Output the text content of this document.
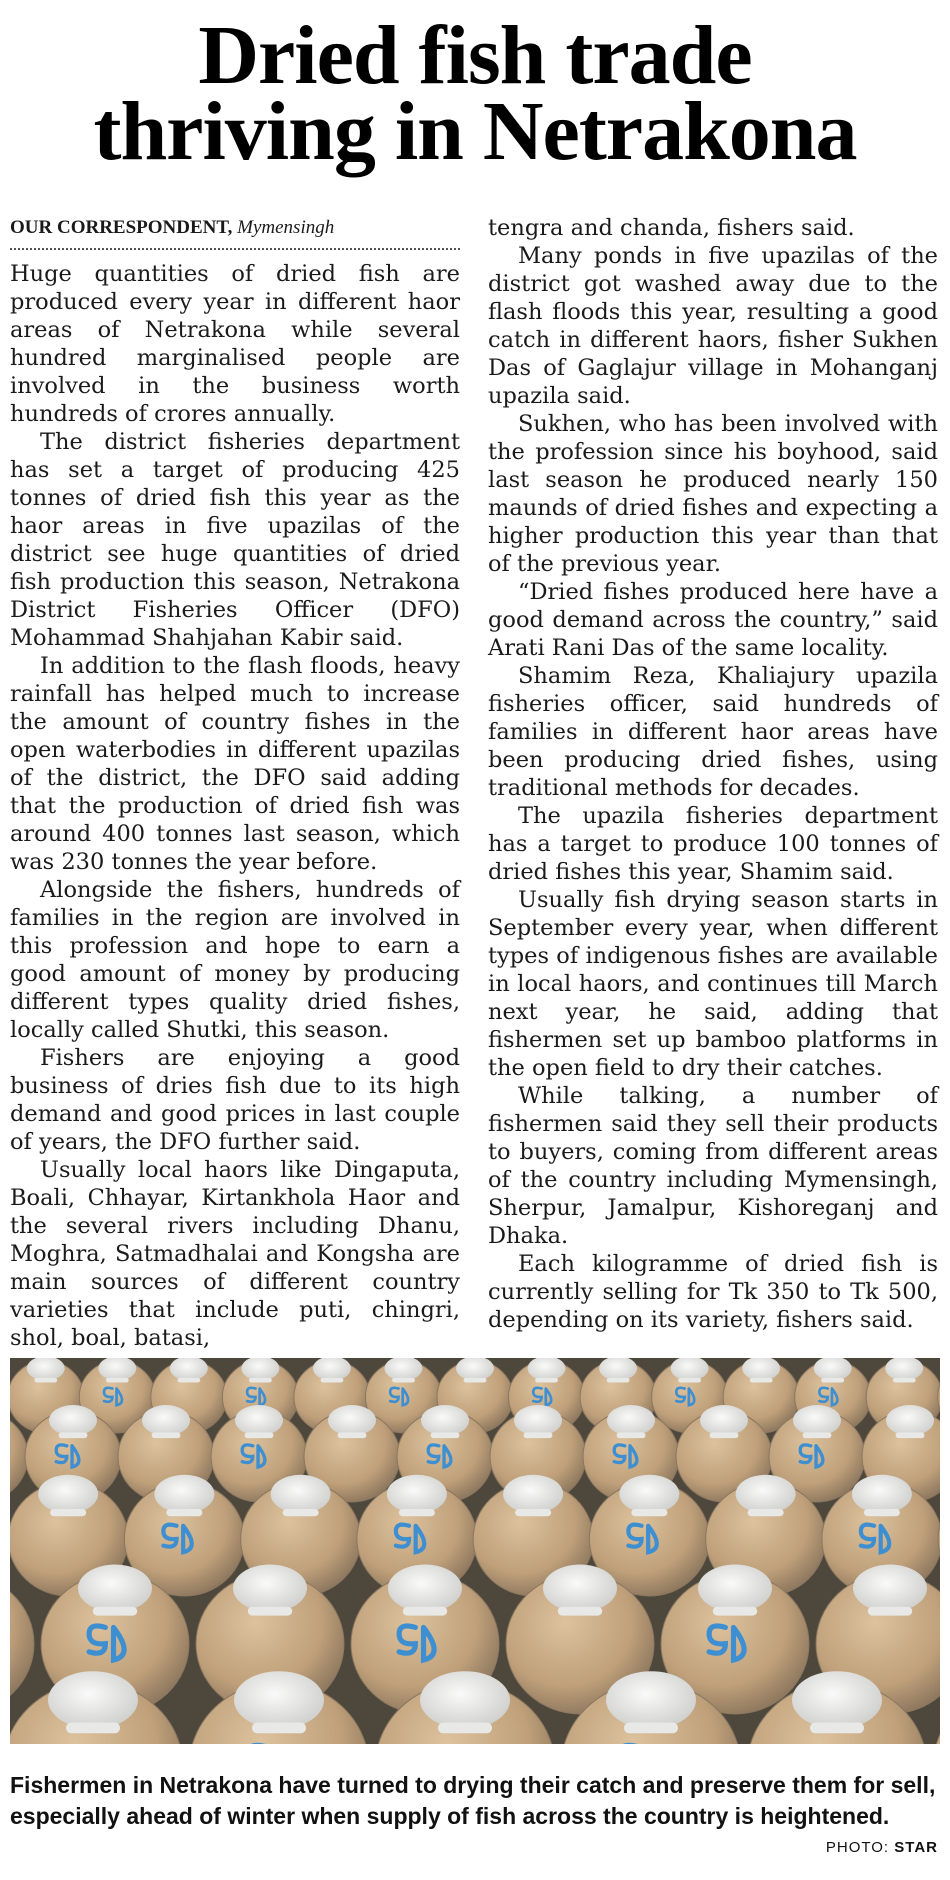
Dried fish trade
thriving in Netrakona
OUR CORRESPONDENT, Mymensingh

Huge quantities of dried fish are produced every year in different haor areas of Netrakona while several hundred marginalised people are involved in the business worth hundreds of crores annually.

The district fisheries department has set a target of producing 425 tonnes of dried fish this year as the haor areas in five upazilas of the district see huge quantities of dried fish production this season, Netrakona District Fisheries Officer (DFO) Mohammad Shahjahan Kabir said.

In addition to the flash floods, heavy rainfall has helped much to increase the amount of country fishes in the open waterbodies in different upazilas of the district, the DFO said adding that the production of dried fish was around 400 tonnes last season, which was 230 tonnes the year before.

Alongside the fishers, hundreds of families in the region are involved in this profession and hope to earn a good amount of money by producing different types quality dried fishes, locally called Shutki, this season.

Fishers are enjoying a good business of dries fish due to its high demand and good prices in last couple of years, the DFO further said.

Usually local haors like Dingaputa, Boali, Chhayar, Kirtankhola Haor and the several rivers including Dhanu, Moghra, Satmadhalai and Kongsha are main sources of different country varieties that include puti, chingri, shol, boal, batasi,

tengra and chanda, fishers said.

Many ponds in five upazilas of the district got washed away due to the flash floods this year, resulting a good catch in different haors, fisher Sukhen Das of Gaglajur village in Mohanganj upazila said.

Sukhen, who has been involved with the profession since his boyhood, said last season he produced nearly 150 maunds of dried fishes and expecting a higher production this year than that of the previous year.

“Dried fishes produced here have a good demand across the country,” said Arati Rani Das of the same locality.

Shamim Reza, Khaliajury upazila fisheries officer, said hundreds of families in different haor areas have been producing dried fishes, using traditional methods for decades.

The upazila fisheries department has a target to produce 100 tonnes of dried fishes this year, Shamim said.

Usually fish drying season starts in September every year, when different types of indigenous fishes are available in local haors, and continues till March next year, he said, adding that fishermen set up bamboo platforms in the open field to dry their catches.

While talking, a number of fishermen said they sell their products to buyers, coming from different areas of the country including Mymensingh, Sherpur, Jamalpur, Kishoreganj and Dhaka.

Each kilogramme of dried fish is currently selling for Tk 350 to Tk 500, depending on its variety, fishers said.

Fishermen in Netrakona have turned to drying their catch and preserve them for sell, especially ahead of winter when supply of fish across the country is heightened.
PHOTO: STAR
